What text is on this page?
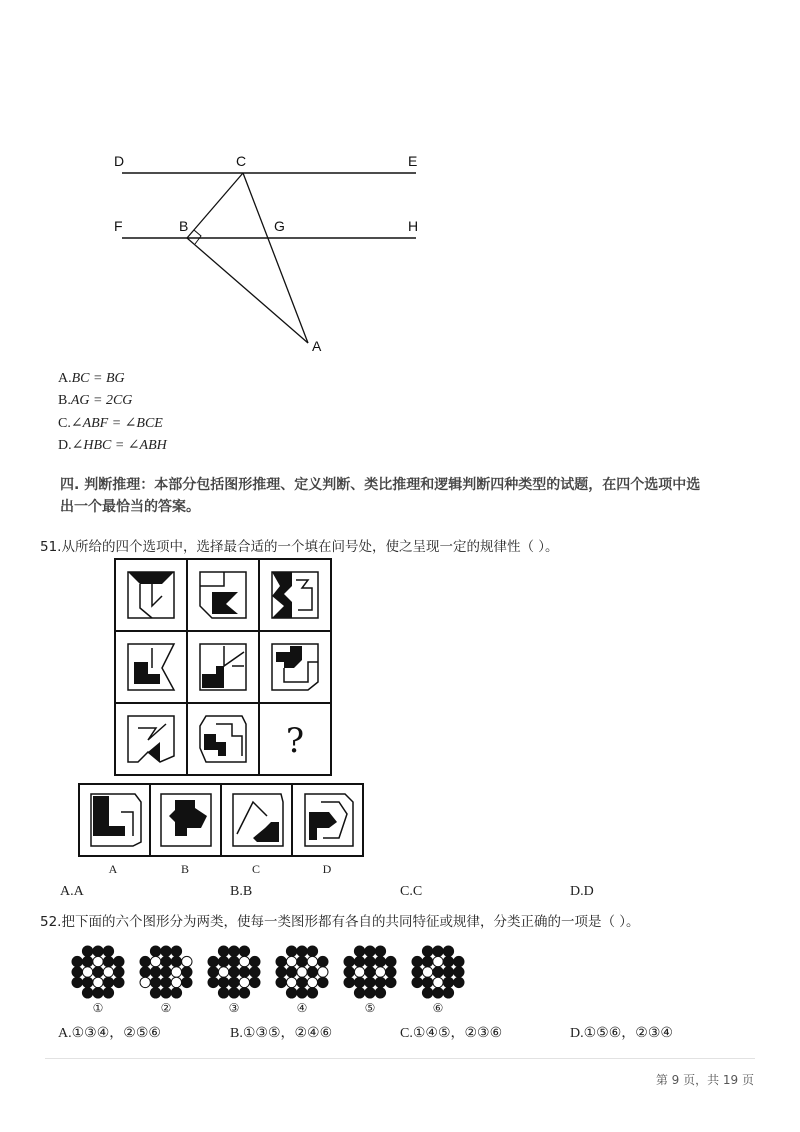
D	C	E
F	B	G	H
A
A.BC = BG
B.AG = 2CG
C.∠ABF = ∠BCE
D.∠HBC = ∠ABH
四. 判断推理：本部分包括图形推理、定义判断、类比推理和逻辑判断四种类型的试题，在四个选项中选
出一个最恰当的答案。
51.从所给的四个选项中，选择最合适的一个填在问号处，使之呈现一定的规律性（ ）。
?
A	B	C	D
A.A	B.B	C.C	D.D
52.把下面的六个图形分为两类，使每一类图形都有各自的共同特征或规律，分类正确的一项是（ ）。
①	②	③	④	⑤	⑥
A.①③④，②⑤⑥	B.①③⑤，②④⑥	C.①④⑤，②③⑥	D.①⑤⑥，②③④
第 9 页，共 19 页
